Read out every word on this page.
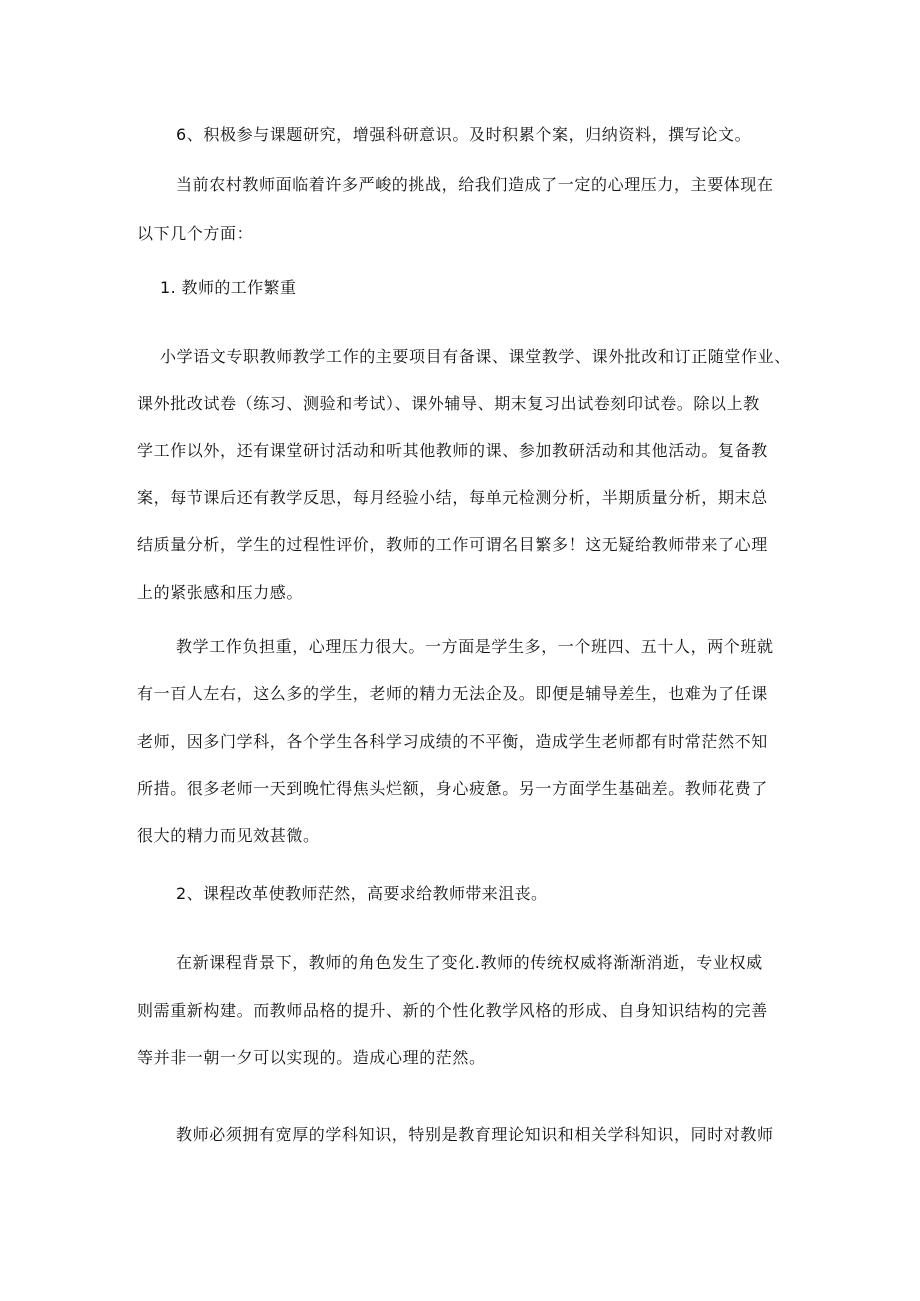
6、积极参与课题研究，增强科研意识。及时积累个案，归纳资料，撰写论文。
当前农村教师面临着许多严峻的挑战，给我们造成了一定的心理压力，主要体现在
以下几个方面：
1. 教师的工作繁重
小学语文专职教师教学工作的主要项目有备课、课堂教学、课外批改和订正随堂作业、
课外批改试卷（练习、测验和考试）、课外辅导、期末复习出试卷刻印试卷。除以上教
学工作以外，还有课堂研讨活动和听其他教师的课、参加教研活动和其他活动。复备教
案，每节课后还有教学反思，每月经验小结，每单元检测分析，半期质量分析，期末总
结质量分析，学生的过程性评价，教师的工作可谓名目繁多！这无疑给教师带来了心理
上的紧张感和压力感。
教学工作负担重，心理压力很大。一方面是学生多，一个班四、五十人，两个班就
有一百人左右，这么多的学生，老师的精力无法企及。即便是辅导差生，也难为了任课
老师，因多门学科，各个学生各科学习成绩的不平衡，造成学生老师都有时常茫然不知
所措。很多老师一天到晚忙得焦头烂额，身心疲惫。另一方面学生基础差。教师花费了
很大的精力而见效甚微。
2、课程改革使教师茫然，高要求给教师带来沮丧。
在新课程背景下，教师的角色发生了变化.教师的传统权威将渐渐消逝，专业权威
则需重新构建。而教师品格的提升、新的个性化教学风格的形成、自身知识结构的完善
等并非一朝一夕可以实现的。造成心理的茫然。
教师必须拥有宽厚的学科知识，特别是教育理论知识和相关学科知识，同时对教师
